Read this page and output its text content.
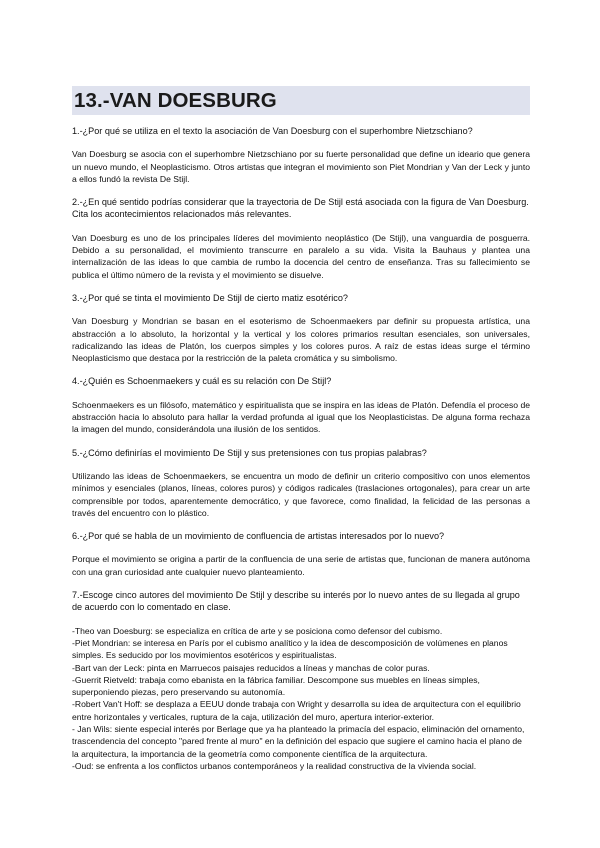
13.-VAN DOESBURG

1.-¿Por qué se utiliza en el texto la asociación de Van Doesburg con el superhombre Nietzschiano?

Van Doesburg se asocia con el superhombre Nietzschiano por su fuerte personalidad que define un ideario que genera un nuevo mundo, el Neoplasticismo. Otros artistas que integran el movimiento son Piet Mondrian y Van der Leck y junto a ellos fundó la revista De Stijl.

2.-¿En qué sentido podrías considerar que la trayectoria de De Stijl está asociada con la figura de Van Doesburg. Cita los acontecimientos relacionados más relevantes.

Van Doesburg es uno de los principales líderes del movimiento neoplástico (De Stijl), una vanguardia de posguerra. Debido a su personalidad, el movimiento transcurre en paralelo a su vida. Visita la Bauhaus y plantea una internalización de las ideas lo que cambia de rumbo la docencia del centro de enseñanza. Tras su fallecimiento se publica el último número de la revista y el movimiento se disuelve.

3.-¿Por qué se tinta el movimiento De Stijl de cierto matiz esotérico?

Van Doesburg y Mondrian se basan en el esoterismo de Schoenmaekers par definir su propuesta artística, una abstracción a lo absoluto, la horizontal y la vertical y los colores primarios resultan esenciales, son universales, radicalizando las ideas de Platón, los cuerpos simples y los colores puros. A raíz de estas ideas surge el término Neoplasticismo que destaca por la restricción de la paleta cromática y su simbolismo.

4.-¿Quién es Schoenmaekers y cuál es su relación con De Stijl?

Schoenmaekers es un filósofo, matemático y espiritualista que se inspira en las ideas de Platón. Defendía el proceso de abstracción hacia lo absoluto para hallar la verdad profunda al igual que los Neoplasticistas. De alguna forma rechaza la imagen del mundo, considerándola una ilusión de los sentidos.

5.-¿Cómo definirías el movimiento De Stijl y sus pretensiones con tus propias palabras?

Utilizando las ideas de Schoenmaekers, se encuentra un modo de definir un criterio compositivo con unos elementos mínimos y esenciales (planos, líneas, colores puros) y códigos radicales (traslaciones ortogonales), para crear un arte comprensible por todos, aparentemente democrático, y que favorece, como finalidad, la felicidad de las personas a través del encuentro con lo plástico.

6.-¿Por qué se habla de un movimiento de confluencia de artistas interesados por lo nuevo?

Porque el movimiento se origina a partir de la confluencia de una serie de artistas que, funcionan de manera autónoma con una gran curiosidad ante cualquier nuevo planteamiento.

7.-Escoge cinco autores del movimiento De Stijl y describe su interés por lo nuevo antes de su llegada al grupo de acuerdo con lo comentado en clase.

-Theo van Doesburg: se especializa en crítica de arte y se posiciona como defensor del cubismo.
-Piet Mondrian: se interesa en París por el cubismo analítico y la idea de descomposición de volúmenes en planos simples. Es seducido por los movimientos esotéricos y espiritualistas.
-Bart van der Leck: pinta en Marruecos paisajes reducidos a líneas y manchas de color puras.
-Guerrit Rietveld: trabaja como ebanista en la fábrica familiar. Descompone sus muebles en líneas simples, superponiendo piezas, pero preservando su autonomía.
-Robert Van't Hoff: se desplaza a EEUU donde trabaja con Wright y desarrolla su idea de arquitectura con el equilibrio entre horizontales y verticales, ruptura de la caja, utilización del muro, apertura interior-exterior.
- Jan Wils: siente especial interés por Berlage que ya ha planteado la primacía del espacio, eliminación del ornamento, trascendencia del concepto "pared frente al muro" en la definición del espacio que sugiere el camino hacia el plano de la arquitectura, la importancia de la geometría como componente científica de la arquitectura.
-Oud: se enfrenta a los conflictos urbanos contemporáneos y la realidad constructiva de la vivienda social.
